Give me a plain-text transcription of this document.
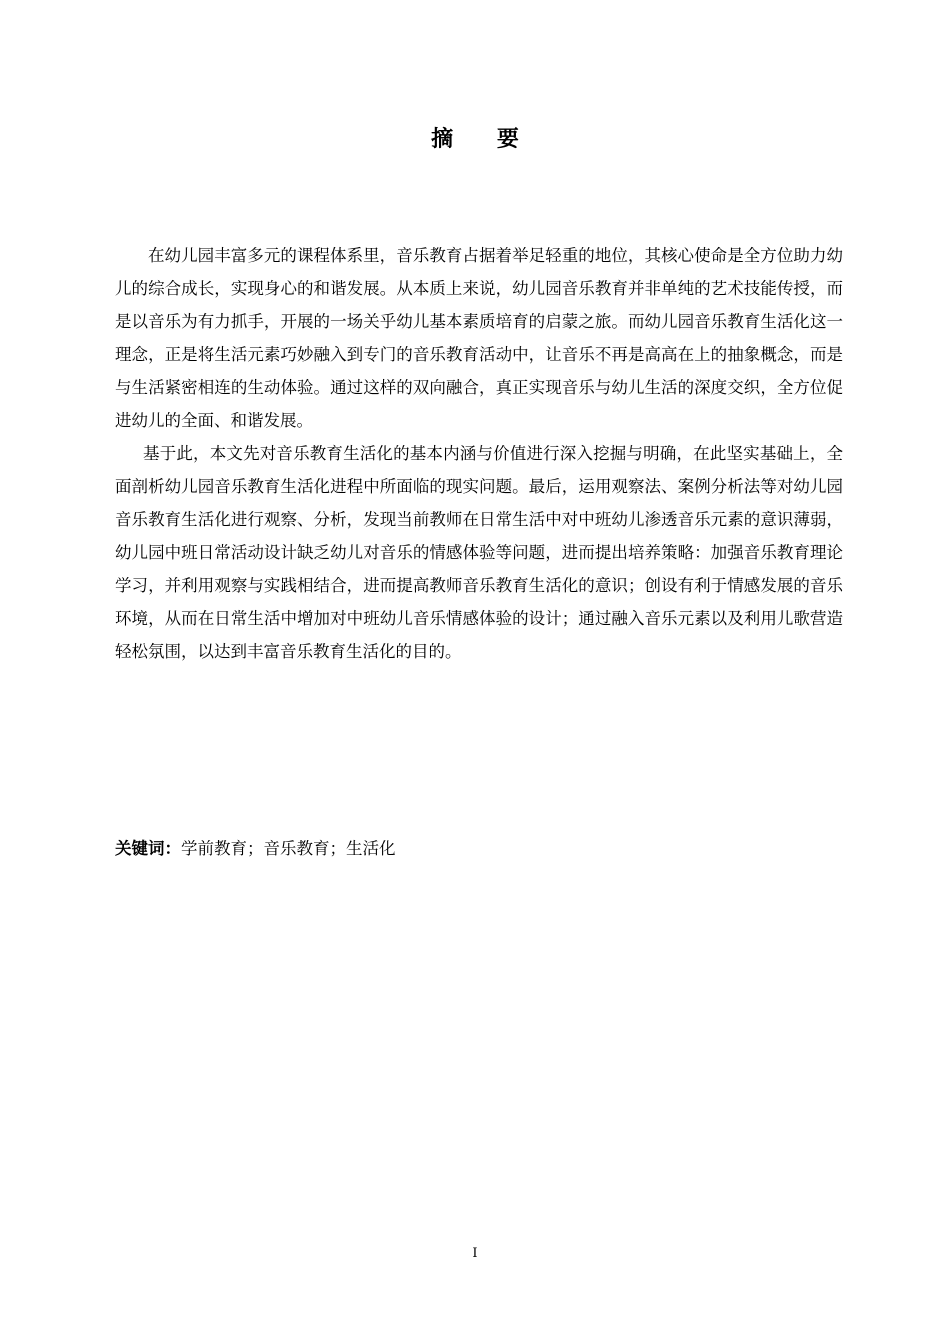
摘 要

在幼儿园丰富多元的课程体系里，音乐教育占据着举足轻重的地位，其核心使命是全方位助力幼儿的综合成长，实现身心的和谐发展。从本质上来说，幼儿园音乐教育并非单纯的艺术技能传授，而是以音乐为有力抓手，开展的一场关乎幼儿基本素质培育的启蒙之旅。而幼儿园音乐教育生活化这一理念，正是将生活元素巧妙融入到专门的音乐教育活动中，让音乐不再是高高在上的抽象概念，而是与生活紧密相连的生动体验。通过这样的双向融合，真正实现音乐与幼儿生活的深度交织，全方位促进幼儿的全面、和谐发展。

基于此，本文先对音乐教育生活化的基本内涵与价值进行深入挖掘与明确，在此坚实基础上，全面剖析幼儿园音乐教育生活化进程中所面临的现实问题。最后，运用观察法、案例分析法等对幼儿园音乐教育生活化进行观察、分析，发现当前教师在日常生活中对中班幼儿渗透音乐元素的意识薄弱，幼儿园中班日常活动设计缺乏幼儿对音乐的情感体验等问题，进而提出培养策略：加强音乐教育理论学习，并利用观察与实践相结合，进而提高教师音乐教育生活化的意识；创设有利于情感发展的音乐环境，从而在日常生活中增加对中班幼儿音乐情感体验的设计；通过融入音乐元素以及利用儿歌营造轻松氛围，以达到丰富音乐教育生活化的目的。

关键词：学前教育；音乐教育；生活化
I
